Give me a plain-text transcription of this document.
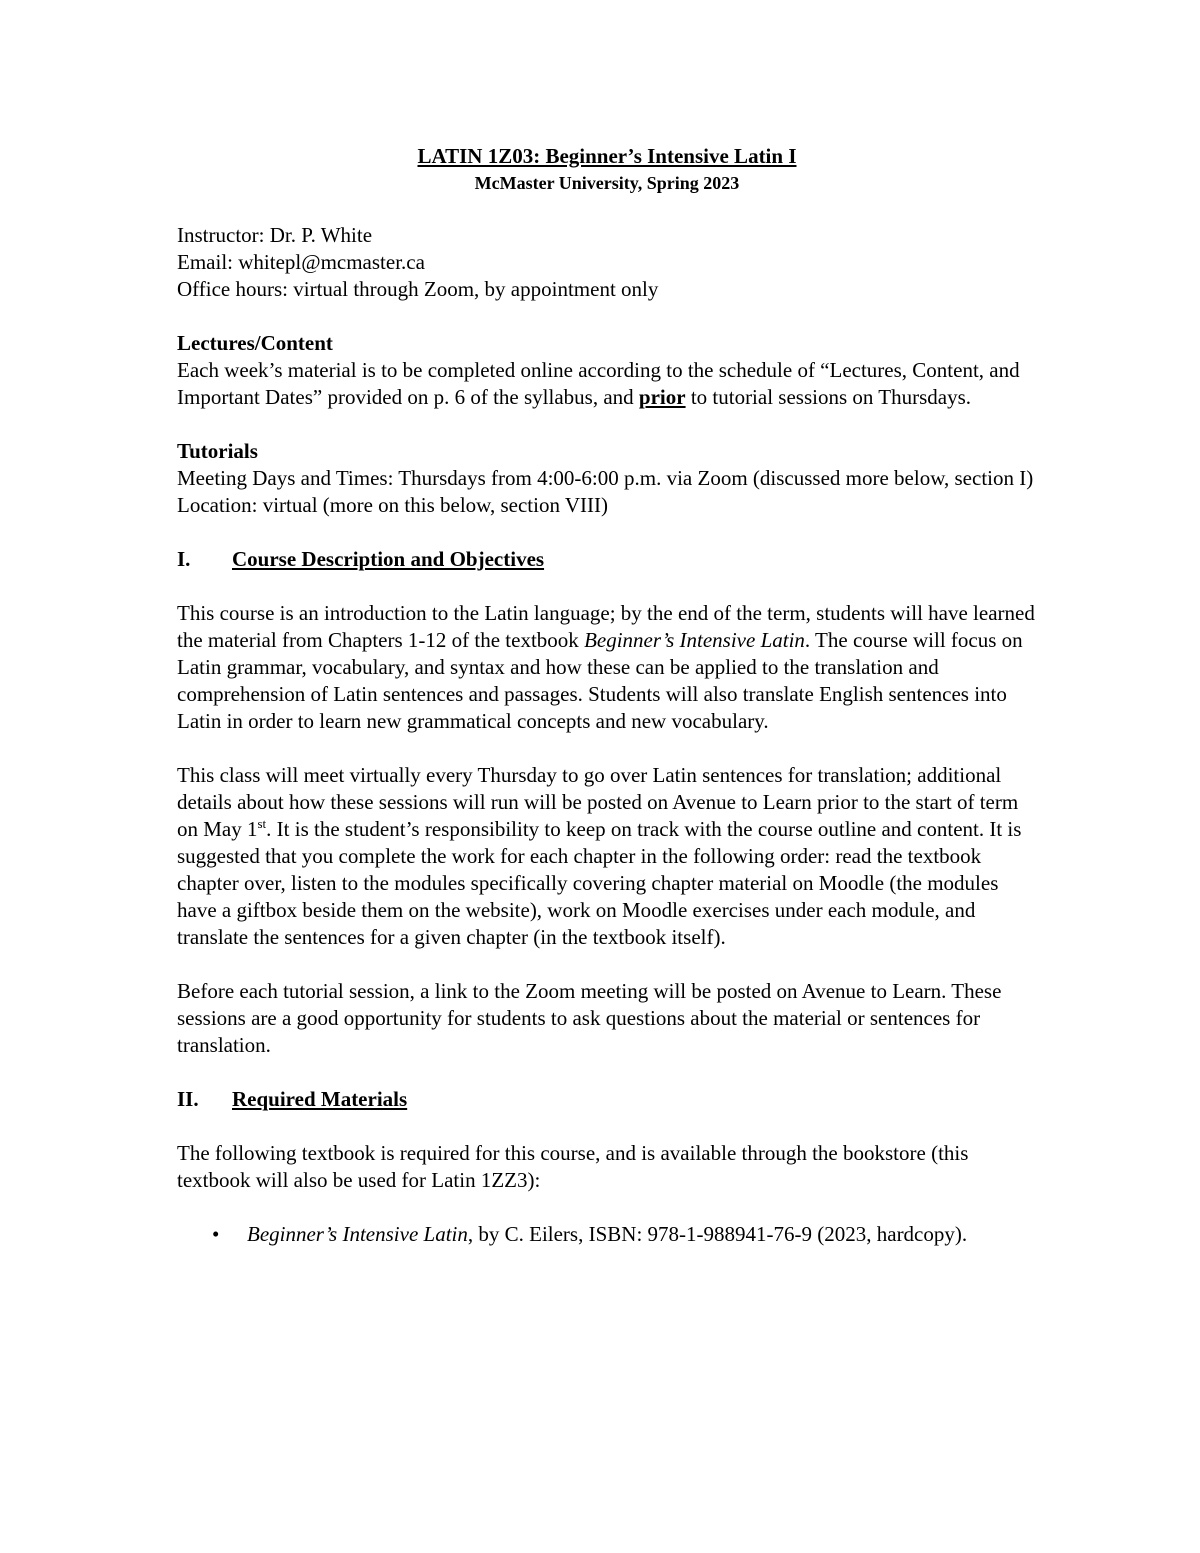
LATIN 1Z03: Beginner’s Intensive Latin I
McMaster University, Spring 2023

Instructor: Dr. P. White

Email: whitepl@mcmaster.ca

Office hours: virtual through Zoom, by appointment only

Lectures/Content

Each week’s material is to be completed online according to the schedule of “Lectures, Content, and Important Dates” provided on p. 6 of the syllabus, and prior to tutorial sessions on Thursdays.

Tutorials

Meeting Days and Times: Thursdays from 4:00-6:00 p.m. via Zoom (discussed more below, section I)

Location: virtual (more on this below, section VIII)

I.	Course Description and Objectives

This course is an introduction to the Latin language; by the end of the term, students will have learned the material from Chapters 1-12 of the textbook Beginner’s Intensive Latin. The course will focus on Latin grammar, vocabulary, and syntax and how these can be applied to the translation and comprehension of Latin sentences and passages. Students will also translate English sentences into Latin in order to learn new grammatical concepts and new vocabulary.

This class will meet virtually every Thursday to go over Latin sentences for translation; additional details about how these sessions will run will be posted on Avenue to Learn prior to the start of term on May 1st. It is the student’s responsibility to keep on track with the course outline and content. It is suggested that you complete the work for each chapter in the following order: read the textbook chapter over, listen to the modules specifically covering chapter material on Moodle (the modules have a giftbox beside them on the website), work on Moodle exercises under each module, and translate the sentences for a given chapter (in the textbook itself).

Before each tutorial session, a link to the Zoom meeting will be posted on Avenue to Learn. These sessions are a good opportunity for students to ask questions about the material or sentences for translation.

II.	Required Materials

The following textbook is required for this course, and is available through the bookstore (this textbook will also be used for Latin 1ZZ3):

•	Beginner’s Intensive Latin, by C. Eilers, ISBN: 978-1-988941-76-9 (2023, hardcopy).
